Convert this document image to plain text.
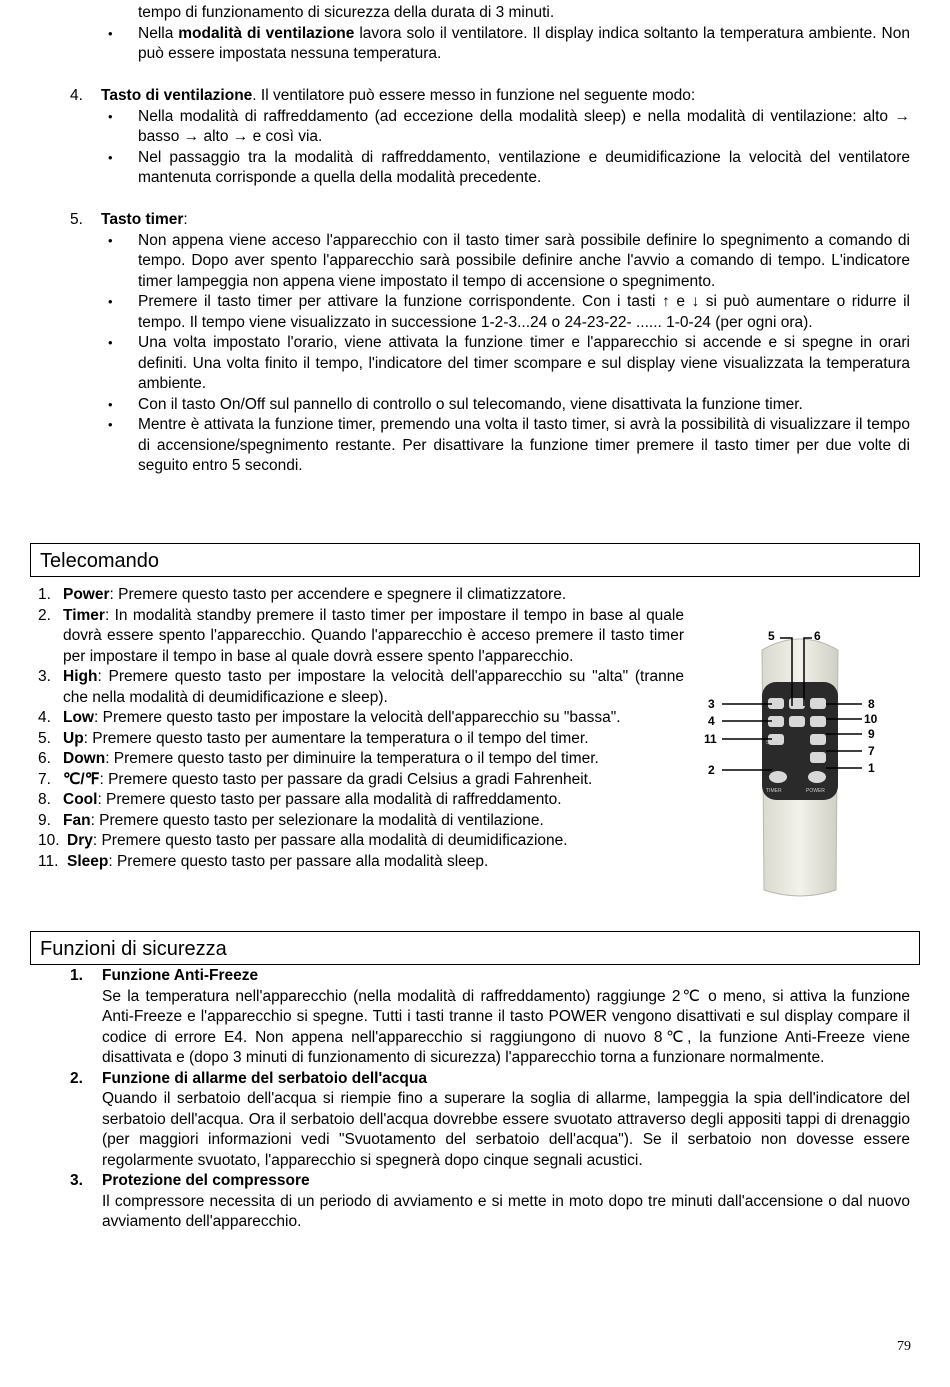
tempo di funzionamento di sicurezza della durata di 3 minuti.

• Nella modalità di ventilazione lavora solo il ventilatore. Il display indica soltanto la temperatura ambiente. Non può essere impostata nessuna temperatura.
4. Tasto di ventilazione. Il ventilatore può essere messo in funzione nel seguente modo:

• Nella modalità di raffreddamento (ad eccezione della modalità sleep) e nella modalità di ventilazione: alto → basso → alto → e così via.
• Nel passaggio tra la modalità di raffreddamento, ventilazione e deumidificazione la velocità del ventilatore mantenuta corrisponde a quella della modalità precedente.
5. Tasto timer:

• Non appena viene acceso l'apparecchio con il tasto timer sarà possibile definire lo spegnimento a comando di tempo. Dopo aver spento l'apparecchio sarà possibile definire anche l'avvio a comando di tempo. L'indicatore timer lampeggia non appena viene impostato il tempo di accensione o spegnimento.
• Premere il tasto timer per attivare la funzione corrispondente. Con i tasti ↑ e ↓ si può aumentare o ridurre il tempo. Il tempo viene visualizzato in successione 1-2-3...24 o 24-23-22- ...... 1-0-24 (per ogni ora).
• Una volta impostato l'orario, viene attivata la funzione timer e l'apparecchio si accende e si spegne in orari definiti. Una volta finito il tempo, l'indicatore del timer scompare e sul display viene visualizzata la temperatura ambiente.
• Con il tasto On/Off sul pannello di controllo o sul telecomando, viene disattivata la funzione timer.
• Mentre è attivata la funzione timer, premendo una volta il tasto timer, si avrà la possibilità di visualizzare il tempo di accensione/spegnimento restante. Per disattivare la funzione timer premere il tasto timer per due volte di seguito entro 5 secondi.
Telecomando
1. Power: Premere questo tasto per accendere e spegnere il climatizzatore.
2. Timer: In modalità standby premere il tasto timer per impostare il tempo in base al quale dovrà essere spento l'apparecchio. Quando l'apparecchio è acceso premere il tasto timer per impostare il tempo in base al quale dovrà essere spento l'apparecchio.
3. High: Premere questo tasto per impostare la velocità dell'apparecchio su "alta" (tranne che nella modalità di deumidificazione e sleep).
4. Low: Premere questo tasto per impostare la velocità dell'apparecchio su "bassa".
5. Up: Premere questo tasto per aumentare la temperatura o il tempo del timer.
6. Down: Premere questo tasto per diminuire la temperatura o il tempo del timer.
7. ℃/℉: Premere questo tasto per passare da gradi Celsius a gradi Fahrenheit.
8. Cool: Premere questo tasto per passare alla modalità di raffreddamento.
9. Fan: Premere questo tasto per selezionare la modalità di ventilazione.
10. Dry: Premere questo tasto per passare alla modalità di deumidificazione.
11. Sleep: Premere questo tasto per passare alla modalità sleep.
Sleep
TIMER	POWER
5	6
3
4
11
2
8
10
9
7
1
Funzioni di sicurezza
1. Funzione Anti-Freeze

Se la temperatura nell'apparecchio (nella modalità di raffreddamento) raggiunge 2℃ o meno, si attiva la funzione Anti-Freeze e l'apparecchio si spegne. Tutti i tasti tranne il tasto POWER vengono disattivati e sul display compare il codice di errore E4. Non appena nell'apparecchio si raggiungono di nuovo 8℃, la funzione Anti-Freeze viene disattivata e (dopo 3 minuti di funzionamento di sicurezza) l'apparecchio torna a funzionare normalmente.

2. Funzione di allarme del serbatoio dell'acqua

Quando il serbatoio dell'acqua si riempie fino a superare la soglia di allarme, lampeggia la spia dell'indicatore del serbatoio dell'acqua. Ora il serbatoio dell'acqua dovrebbe essere svuotato attraverso degli appositi tappi di drenaggio (per maggiori informazioni vedi "Svuotamento del serbatoio dell'acqua"). Se il serbatoio non dovesse essere regolarmente svuotato, l'apparecchio si spegnerà dopo cinque segnali acustici.

3. Protezione del compressore

Il compressore necessita di un periodo di avviamento e si mette in moto dopo tre minuti dall'accensione o dal nuovo avviamento dell'apparecchio.

79
